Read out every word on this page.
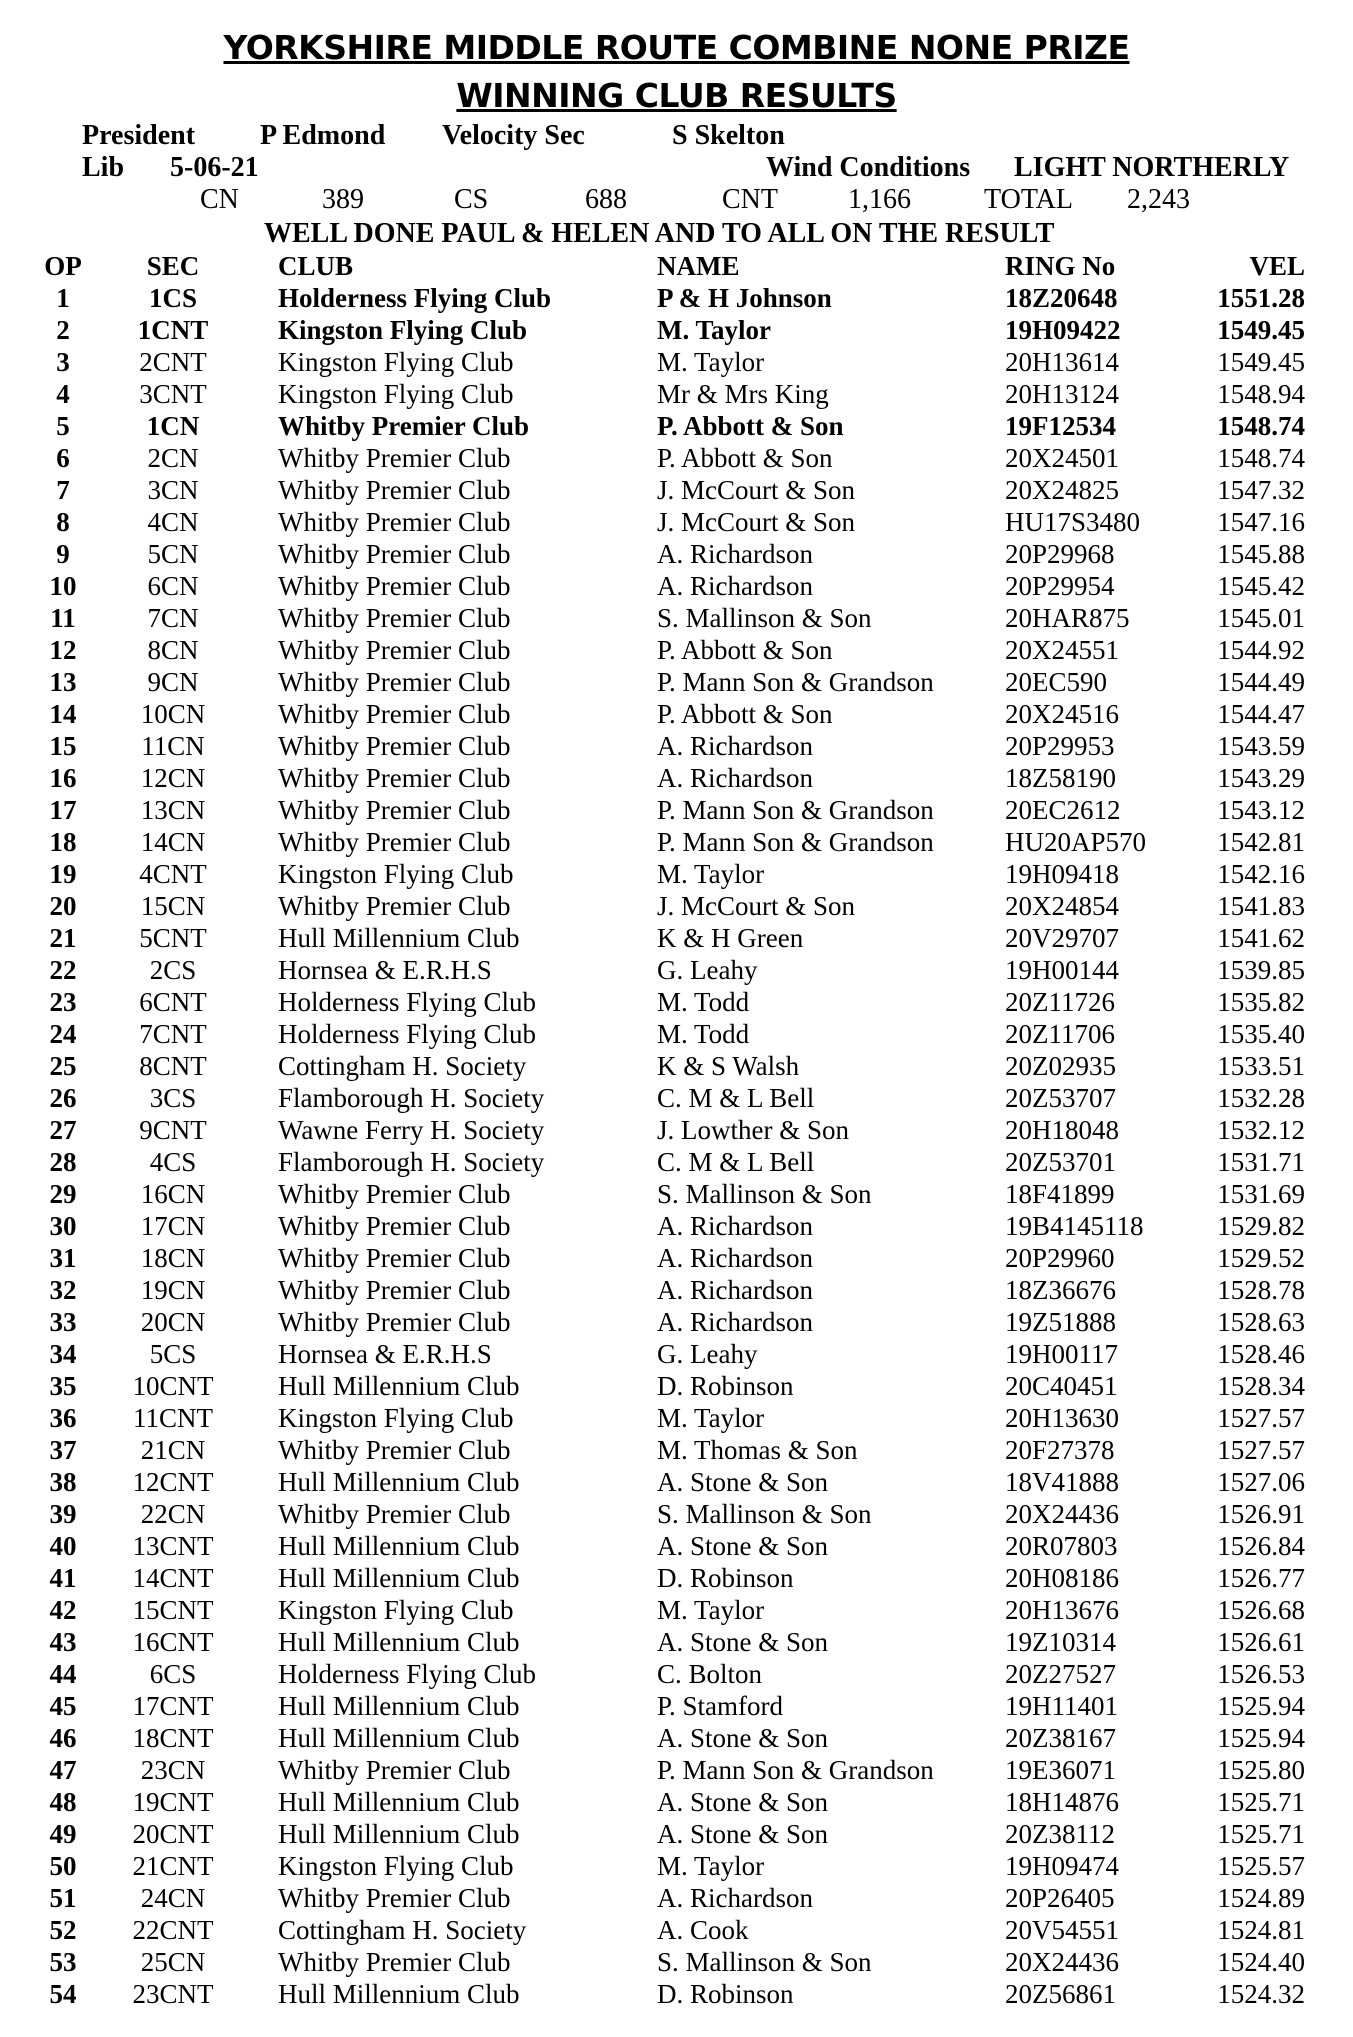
YORKSHIRE MIDDLE ROUTE COMBINE NONE PRIZE
WINNING CLUB RESULTS
President P Edmond Velocity Sec	S Skelton
Lib 5-06-21	Wind Conditions LIGHT NORTHERLY
CN	389	CS	688	CNT	1,166	TOTAL 2,243
WELL DONE PAUL & HELEN AND TO ALL ON THE RESULT
OP	SEC	CLUB	NAME	RING No	VEL
1	1CS	Holderness Flying Club	P & H Johnson	18Z20648	1551.28
2	1CNT	Kingston Flying Club	M. Taylor	19H09422	1549.45
3	2CNT	Kingston Flying Club	M. Taylor	20H13614	1549.45
4	3CNT	Kingston Flying Club	Mr & Mrs King	20H13124	1548.94
5	1CN	Whitby Premier Club	P. Abbott & Son	19F12534	1548.74
6	2CN	Whitby Premier Club	P. Abbott & Son	20X24501	1548.74
7	3CN	Whitby Premier Club	J. McCourt & Son	20X24825	1547.32
8	4CN	Whitby Premier Club	J. McCourt & Son	HU17S3480	1547.16
9	5CN	Whitby Premier Club	A. Richardson	20P29968	1545.88
10	6CN	Whitby Premier Club	A. Richardson	20P29954	1545.42
11	7CN	Whitby Premier Club	S. Mallinson & Son	20HAR875	1545.01
12	8CN	Whitby Premier Club	P. Abbott & Son	20X24551	1544.92
13	9CN	Whitby Premier Club	P. Mann Son & Grandson	20EC590	1544.49
14	10CN	Whitby Premier Club	P. Abbott & Son	20X24516	1544.47
15	11CN	Whitby Premier Club	A. Richardson	20P29953	1543.59
16	12CN	Whitby Premier Club	A. Richardson	18Z58190	1543.29
17	13CN	Whitby Premier Club	P. Mann Son & Grandson	20EC2612	1543.12
18	14CN	Whitby Premier Club	P. Mann Son & Grandson	HU20AP570	1542.81
19	4CNT	Kingston Flying Club	M. Taylor	19H09418	1542.16
20	15CN	Whitby Premier Club	J. McCourt & Son	20X24854	1541.83
21	5CNT	Hull Millennium Club	K & H Green	20V29707	1541.62
22	2CS	Hornsea & E.R.H.S	G. Leahy	19H00144	1539.85
23	6CNT	Holderness Flying Club	M. Todd	20Z11726	1535.82
24	7CNT	Holderness Flying Club	M. Todd	20Z11706	1535.40
25	8CNT	Cottingham H. Society	K & S Walsh	20Z02935	1533.51
26	3CS	Flamborough H. Society	C. M & L Bell	20Z53707	1532.28
27	9CNT	Wawne Ferry H. Society	J. Lowther & Son	20H18048	1532.12
28	4CS	Flamborough H. Society	C. M & L Bell	20Z53701	1531.71
29	16CN	Whitby Premier Club	S. Mallinson & Son	18F41899	1531.69
30	17CN	Whitby Premier Club	A. Richardson	19B4145118	1529.82
31	18CN	Whitby Premier Club	A. Richardson	20P29960	1529.52
32	19CN	Whitby Premier Club	A. Richardson	18Z36676	1528.78
33	20CN	Whitby Premier Club	A. Richardson	19Z51888	1528.63
34	5CS	Hornsea & E.R.H.S	G. Leahy	19H00117	1528.46
35	10CNT Hull Millennium Club	D. Robinson	20C40451	1528.34
36	11CNT Kingston Flying Club	M. Taylor	20H13630	1527.57
37	21CN	Whitby Premier Club	M. Thomas & Son	20F27378	1527.57
38	12CNT Hull Millennium Club	A. Stone & Son	18V41888	1527.06
39	22CN	Whitby Premier Club	S. Mallinson & Son	20X24436	1526.91
40	13CNT Hull Millennium Club	A. Stone & Son	20R07803	1526.84
41	14CNT Hull Millennium Club	D. Robinson	20H08186	1526.77
42	15CNT Kingston Flying Club	M. Taylor	20H13676	1526.68
43	16CNT Hull Millennium Club	A. Stone & Son	19Z10314	1526.61
44	6CS	Holderness Flying Club	C. Bolton	20Z27527	1526.53
45	17CNT Hull Millennium Club	P. Stamford	19H11401	1525.94
46	18CNT Hull Millennium Club	A. Stone & Son	20Z38167	1525.94
47	23CN	Whitby Premier Club	P. Mann Son & Grandson	19E36071	1525.80
48	19CNT Hull Millennium Club	A. Stone & Son	18H14876	1525.71
49	20CNT Hull Millennium Club	A. Stone & Son	20Z38112	1525.71
50	21CNT Kingston Flying Club	M. Taylor	19H09474	1525.57
51	24CN	Whitby Premier Club	A. Richardson	20P26405	1524.89
52	22CNT Cottingham H. Society	A. Cook	20V54551	1524.81
53	25CN	Whitby Premier Club	S. Mallinson & Son	20X24436	1524.40
54	23CNT Hull Millennium Club	D. Robinson	20Z56861	1524.32
